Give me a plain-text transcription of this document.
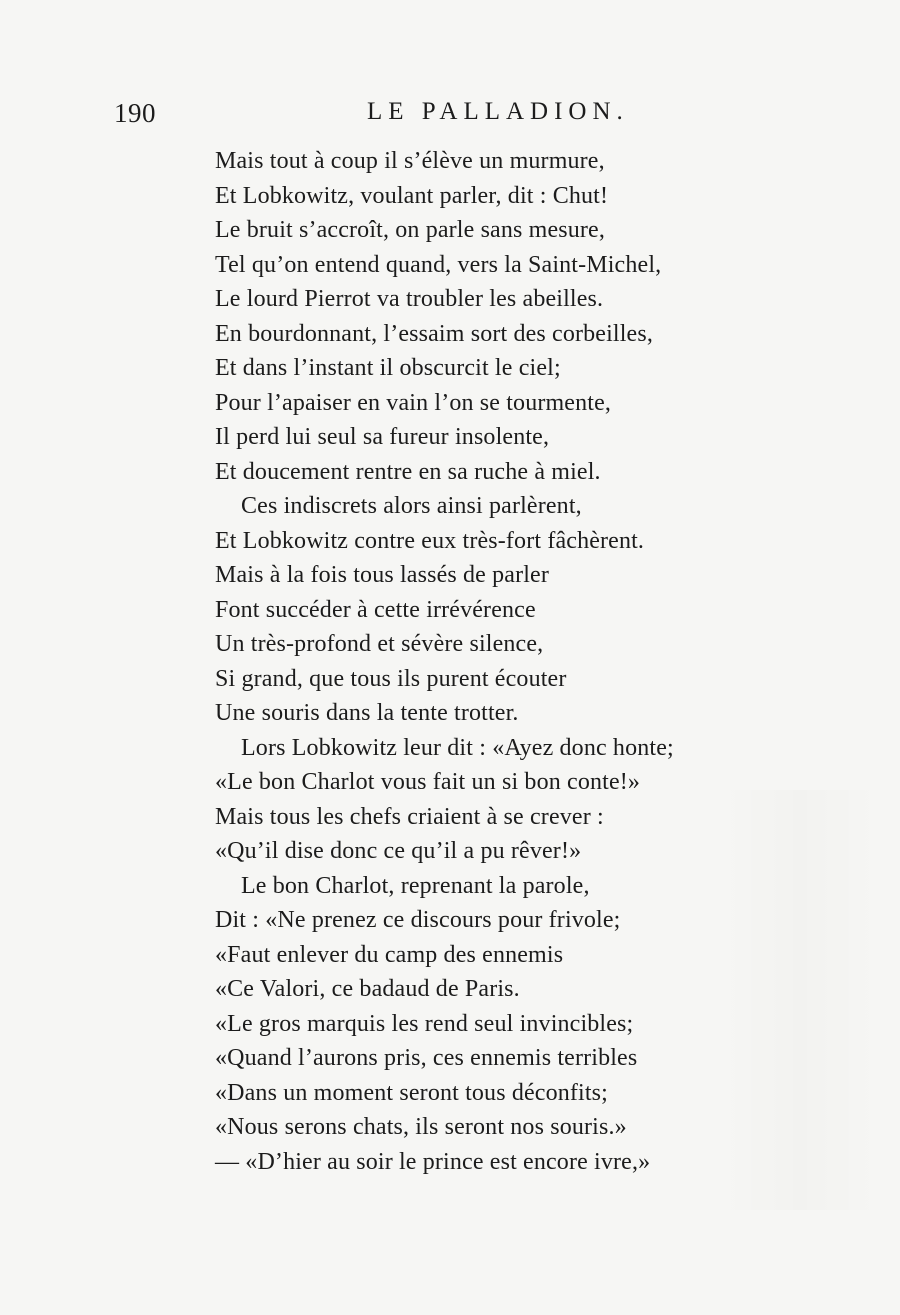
190	LE PALLADION.
Mais tout à coup il s’élève un murmure,
Et Lobkowitz, voulant parler, dit : Chut!
Le bruit s’accroît, on parle sans mesure,
Tel qu’on entend quand, vers la Saint-Michel,
Le lourd Pierrot va troubler les abeilles.
En bourdonnant, l’essaim sort des corbeilles,
Et dans l’instant il obscurcit le ciel;
Pour l’apaiser en vain l’on se tourmente,
Il perd lui seul sa fureur insolente,
Et doucement rentre en sa ruche à miel.
Ces indiscrets alors ainsi parlèrent,
Et Lobkowitz contre eux très-fort fâchèrent.
Mais à la fois tous lassés de parler
Font succéder à cette irrévérence
Un très-profond et sévère silence,
Si grand, que tous ils purent écouter
Une souris dans la tente trotter.
Lors Lobkowitz leur dit : «Ayez donc honte;
«Le bon Charlot vous fait un si bon conte!»
Mais tous les chefs criaient à se crever :
«Qu’il dise donc ce qu’il a pu rêver!»
Le bon Charlot, reprenant la parole,
Dit : «Ne prenez ce discours pour frivole;
«Faut enlever du camp des ennemis
«Ce Valori, ce badaud de Paris.
«Le gros marquis les rend seul invincibles;
«Quand l’aurons pris, ces ennemis terribles
«Dans un moment seront tous déconfits;
«Nous serons chats, ils seront nos souris.»
— «D’hier au soir le prince est encore ivre,»
